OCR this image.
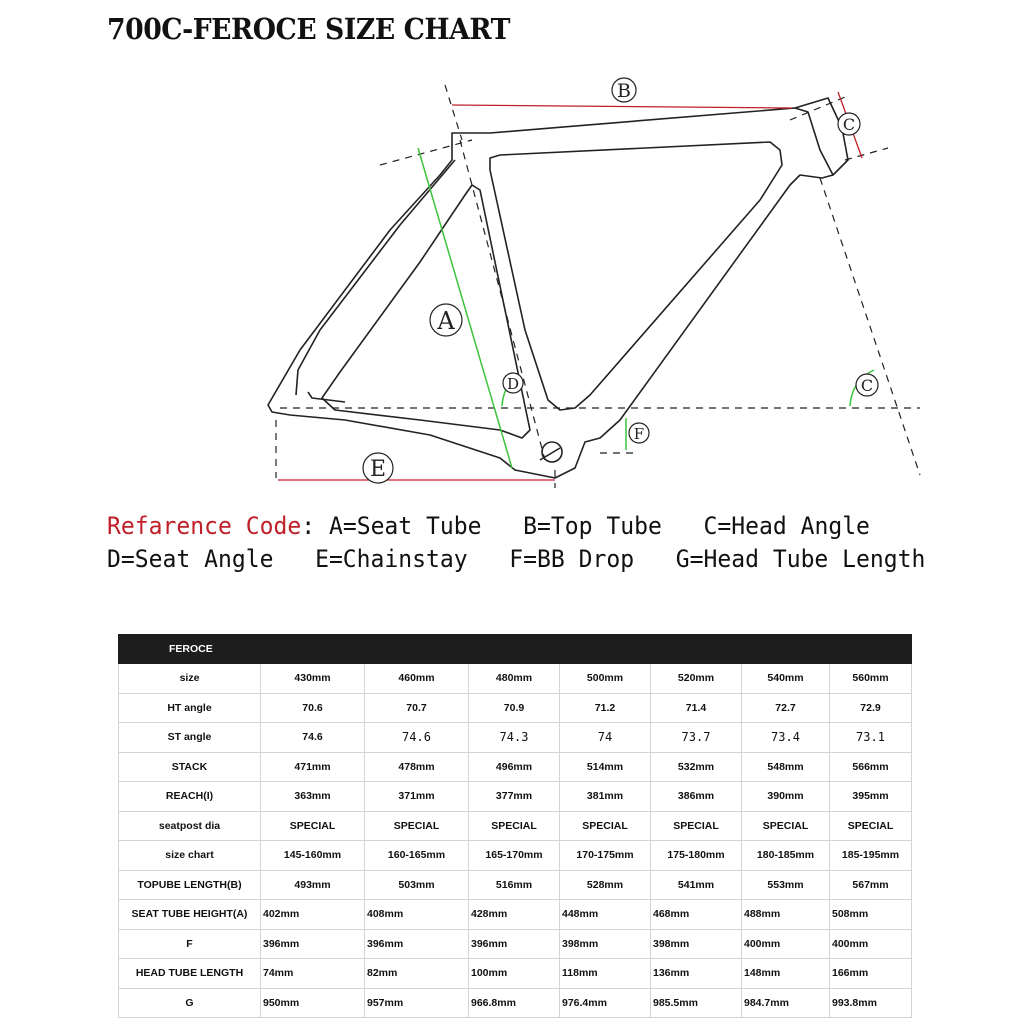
700C-FEROCE SIZE CHART
B
C
A
D	C
F
E
Refarence Code: A=Seat Tube   B=Top Tube   C=Head Angle
D=Seat Angle   E=Chainstay   F=BB Drop   G=Head Tube Length
FEROCE							
size	430mm	460mm	480mm	500mm	520mm	540mm	560mm
HT angle	70.6	70.7	70.9	71.2	71.4	72.7	72.9
ST angle	74.6	74.6	74.3	74	73.7	73.4	73.1
STACK	471mm	478mm	496mm	514mm	532mm	548mm	566mm
REACH(I)	363mm	371mm	377mm	381mm	386mm	390mm	395mm
seatpost dia	SPECIAL	SPECIAL	SPECIAL	SPECIAL	SPECIAL	SPECIAL	SPECIAL
size chart	145-160mm	160-165mm	165-170mm	170-175mm	175-180mm	180-185mm	185-195mm
TOPUBE LENGTH(B)	493mm	503mm	516mm	528mm	541mm	553mm	567mm
SEAT TUBE HEIGHT(A)	402mm	408mm	428mm	448mm	468mm	488mm	508mm
F	396mm	396mm	396mm	398mm	398mm	400mm	400mm
HEAD TUBE LENGTH	74mm	82mm	100mm	118mm	136mm	148mm	166mm
G	950mm	957mm	966.8mm	976.4mm	985.5mm	984.7mm	993.8mm
